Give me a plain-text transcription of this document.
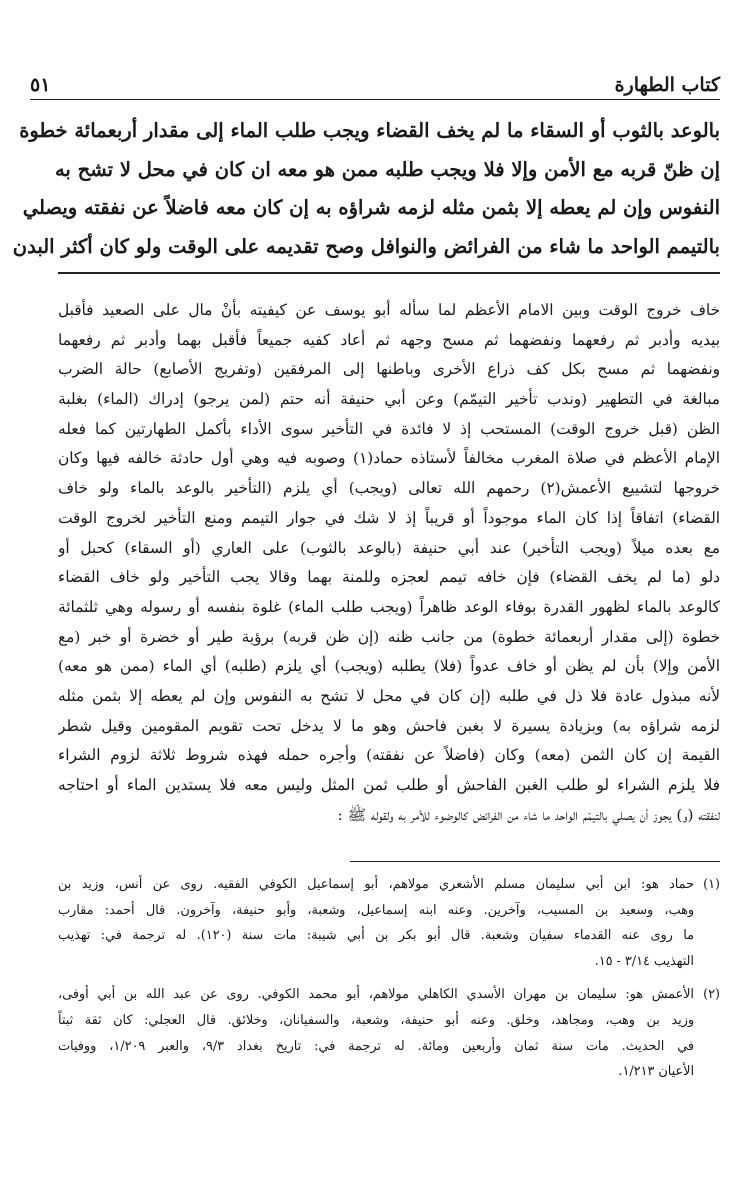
كتاب الطهارة
٥١
بالوعد بالثوب أو السقاء ما لم يخف القضاء ويجب طلب الماء إلى مقدار أربعمائة خطوة
إن ظنّ قربه مع الأمن وإلا فلا ويجب طلبه ممن هو معه ان كان في محل لا تشح به
النفوس وإن لم يعطه إلا بثمن مثله لزمه شراؤه به إن كان معه فاضلاً عن نفقته ويصلي
بالتيمم الواحد ما شاء من الفرائض والنوافل وصح تقديمه على الوقت ولو كان أكثر البدن
خاف خروج الوقت وبين الامام الأعظم لما سأله أبو يوسف عن كيفيته بأنْ مال على الصعيد فأقبل
بيديه وأدبر ثم رفعهما ونفضهما ثم مسح وجهه ثم أعاد كفيه جميعاً فأقبل بهما وأدبر ثم رفعهما
ونفضهما ثم مسح بكل كف ذراع الأخرى وباطنها إلى المرفقين (وتفريج الأصابع) حالة الضرب
مبالغة في التطهير (وندب تأخير التيمّم) وعن أبي حنيفة أنه حتم (لمن يرجو) إدراك (الماء) بغلبة
الظن (قبل خروج الوقت) المستحب إذ لا فائدة في التأخير سوى الأداء بأكمل الطهارتين كما فعله
الإمام الأعظم في صلاة المغرب مخالفاً لأستاذه حماد(١) وصوبه فيه وهي أول حادثة خالفه فيها وكان
خروجها لتشييع الأعمش(٢) رحمهم الله تعالى (ويجب) أي يلزم (التأخير بالوعد بالماء ولو خاف
القضاء) اتفاقاً إذا كان الماء موجوداً أو قريباً إذ لا شك في جوار التيمم ومنع التأخير لخروج الوقت
مع بعده ميلاً (ويجب التأخير) عند أبي حنيفة (بالوعد بالثوب) على العاري (أو السقاء) كحبل أو
دلو (ما لم يخف القضاء) فإن خافه تيمم لعجزه وللمنة بهما وقالا يجب التأخير ولو خاف القضاء
كالوعد بالماء لظهور القدرة بوفاء الوعد ظاهراً (ويجب طلب الماء) غلوة بنفسه أو رسوله وهي ثلثمائة
خطوة (إلى مقدار أربعمائة خطوة) من جانب ظنه (إن ظن قربه) برؤية طير أو خضرة أو خبر (مع
الأمن وإلا) بأن لم يظن أو خاف عدواً (فلا) يطلبه (ويجب) أي يلزم (طلبه) أي الماء (ممن هو معه)
لأنه مبذول عادة فلا ذل في طلبه (إن كان في محل لا تشح به النفوس وإن لم يعطه إلا بثمن مثله
لزمه شراؤه به) وبزيادة يسيرة لا بغبن فاحش وهو ما لا يدخل تحت تقويم المقومين وقيل شطر
القيمة إن كان الثمن (معه) وكان (فاضلاً عن نفقته) وأجره حمله فهذه شروط ثلاثة لزوم الشراء
فلا يلزم الشراء لو طلب الغبن الفاحش أو طلب ثمن المثل وليس معه فلا يستدين الماء أو احتاجه
لنفقته (و) يجوز أن يصلي بالتيمّم الواحد ما شاء من الفرائض كالوضوء للأمر به ولقوله ﷺ :
(١)حماد هو: ابن أبي سليمان مسلم الأشعري مولاهم، أبو إسماعيل الكوفي الفقيه. روى عن أنس، وزيد بن
وهب، وسعيد بن المسيب، وآخرين. وعنه ابنه إسماعيل، وشعبة، وأبو حنيفة، وآخرون. قال أحمد: مقارب
ما روى عنه القدماء سفيان وشعبة. قال أبو بكر بن أبي شيبة: مات سنة (١٢٠). له ترجمة في: تهذيب
التهذيب ٣/١٤ - ١٥.
(٢)الأعمش هو: سليمان بن مهران الأسدي الكاهلي مولاهم، أبو محمد الكوفي. روى عن عبد الله بن أبي أوفى،
وزيد بن وهب، ومجاهد، وخلق. وعنه أبو حنيفة، وشعبة، والسفيانان، وخلائق. قال العجلي: كان ثقة ثبتاً
في الحديث. مات سنة ثمان وأربعين ومائة. له ترجمة في: تاريخ بغداد ٩/٣، والعبر ١/٢٠٩، ووفيات
الأعيان ١/٢١٣.
